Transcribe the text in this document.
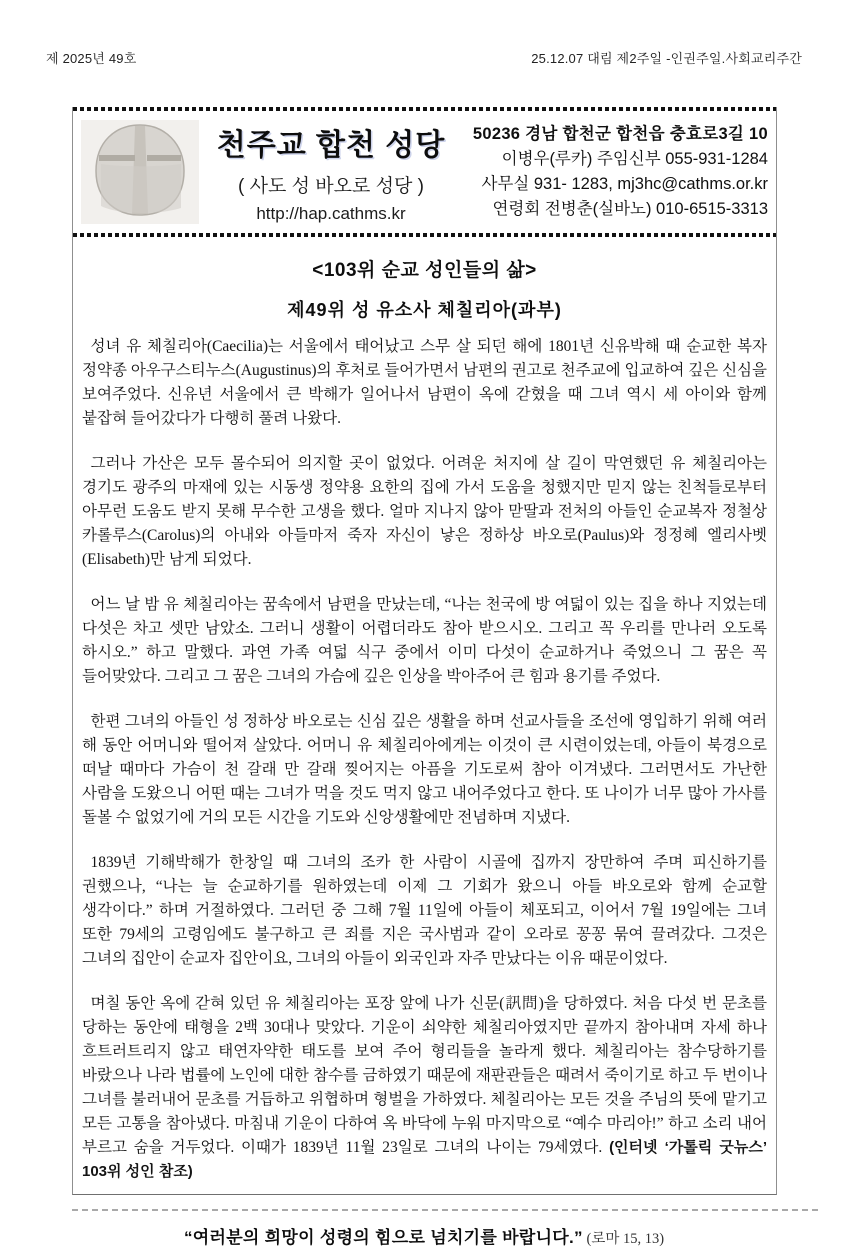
제 2025년 49호	25.12.07 대림 제2주일 -인권주일.사회교리주간
천주교 합천 성당
( 사도 성 바오로 성당 )
http://hap.cathms.kr
50236 경남 합천군 합천읍 충효로3길 10
이병우(루카) 주임신부 055-931-1284
사무실 931- 1283, mj3hc@cathms.or.kr
연령회 전병춘(실바노) 010-6515-3313
<103위 순교 성인들의 삶>
제49위 성 유소사 체칠리아(과부)

성녀 유 체칠리아(Caecilia)는 서울에서 태어났고 스무 살 되던 해에 1801년 신유박해 때 순교한 복자 정약종 아우구스티누스(Augustinus)의 후처로 들어가면서 남편의 권고로 천주교에 입교하여 깊은 신심을 보여주었다. 신유년 서울에서 큰 박해가 일어나서 남편이 옥에 갇혔을 때 그녀 역시 세 아이와 함께 붙잡혀 들어갔다가 다행히 풀려 나왔다.

그러나 가산은 모두 몰수되어 의지할 곳이 없었다. 어려운 처지에 살 길이 막연했던 유 체칠리아는 경기도 광주의 마재에 있는 시동생 정약용 요한의 집에 가서 도움을 청했지만 믿지 않는 친척들로부터 아무런 도움도 받지 못해 무수한 고생을 했다. 얼마 지나지 않아 맏딸과 전처의 아들인 순교복자 정철상 카롤루스(Carolus)의 아내와 아들마저 죽자 자신이 낳은 정하상 바오로(Paulus)와 정정혜 엘리사벳(Elisabeth)만 남게 되었다.

어느 날 밤 유 체칠리아는 꿈속에서 남편을 만났는데, “나는 천국에 방 여덟이 있는 집을 하나 지었는데 다섯은 차고 셋만 남았소. 그러니 생활이 어렵더라도 참아 받으시오. 그리고 꼭 우리를 만나러 오도록 하시오.” 하고 말했다. 과연 가족 여덟 식구 중에서 이미 다섯이 순교하거나 죽었으니 그 꿈은 꼭 들어맞았다. 그리고 그 꿈은 그녀의 가슴에 깊은 인상을 박아주어 큰 힘과 용기를 주었다.

한편 그녀의 아들인 성 정하상 바오로는 신심 깊은 생활을 하며 선교사들을 조선에 영입하기 위해 여러 해 동안 어머니와 떨어져 살았다. 어머니 유 체칠리아에게는 이것이 큰 시련이었는데, 아들이 북경으로 떠날 때마다 가슴이 천 갈래 만 갈래 찢어지는 아픔을 기도로써 참아 이겨냈다. 그러면서도 가난한 사람을 도왔으니 어떤 때는 그녀가 먹을 것도 먹지 않고 내어주었다고 한다. 또 나이가 너무 많아 가사를 돌볼 수 없었기에 거의 모든 시간을 기도와 신앙생활에만 전념하며 지냈다.

1839년 기해박해가 한창일 때 그녀의 조카 한 사람이 시골에 집까지 장만하여 주며 피신하기를 권했으나, “나는 늘 순교하기를 원하였는데 이제 그 기회가 왔으니 아들 바오로와 함께 순교할 생각이다.” 하며 거절하였다. 그러던 중 그해 7월 11일에 아들이 체포되고, 이어서 7월 19일에는 그녀 또한 79세의 고령임에도 불구하고 큰 죄를 지은 국사범과 같이 오라로 꽁꽁 묶여 끌려갔다. 그것은 그녀의 집안이 순교자 집안이요, 그녀의 아들이 외국인과 자주 만났다는 이유 때문이었다.

며칠 동안 옥에 갇혀 있던 유 체칠리아는 포장 앞에 나가 신문(訊問)을 당하였다. 처음 다섯 번 문초를 당하는 동안에 태형을 2백 30대나 맞았다. 기운이 쇠약한 체칠리아였지만 끝까지 참아내며 자세 하나 흐트러트리지 않고 태연자약한 태도를 보여 주어 형리들을 놀라게 했다. 체칠리아는 참수당하기를 바랐으나 나라 법률에 노인에 대한 참수를 금하였기 때문에 재판관들은 때려서 죽이기로 하고 두 번이나 그녀를 불러내어 문초를 거듭하고 위협하며 형벌을 가하였다. 체칠리아는 모든 것을 주님의 뜻에 맡기고 모든 고통을 참아냈다. 마침내 기운이 다하여 옥 바닥에 누워 마지막으로 “예수 마리아!” 하고 소리 내어 부르고 숨을 거두었다. 이때가 1839년 11월 23일로 그녀의 나이는 79세였다. (인터넷 ‘가톨릭 굿뉴스’ 103위 성인 참조)

“여러분의 희망이 성령의 힘으로 넘치기를 바랍니다.” (로마 15, 13)
